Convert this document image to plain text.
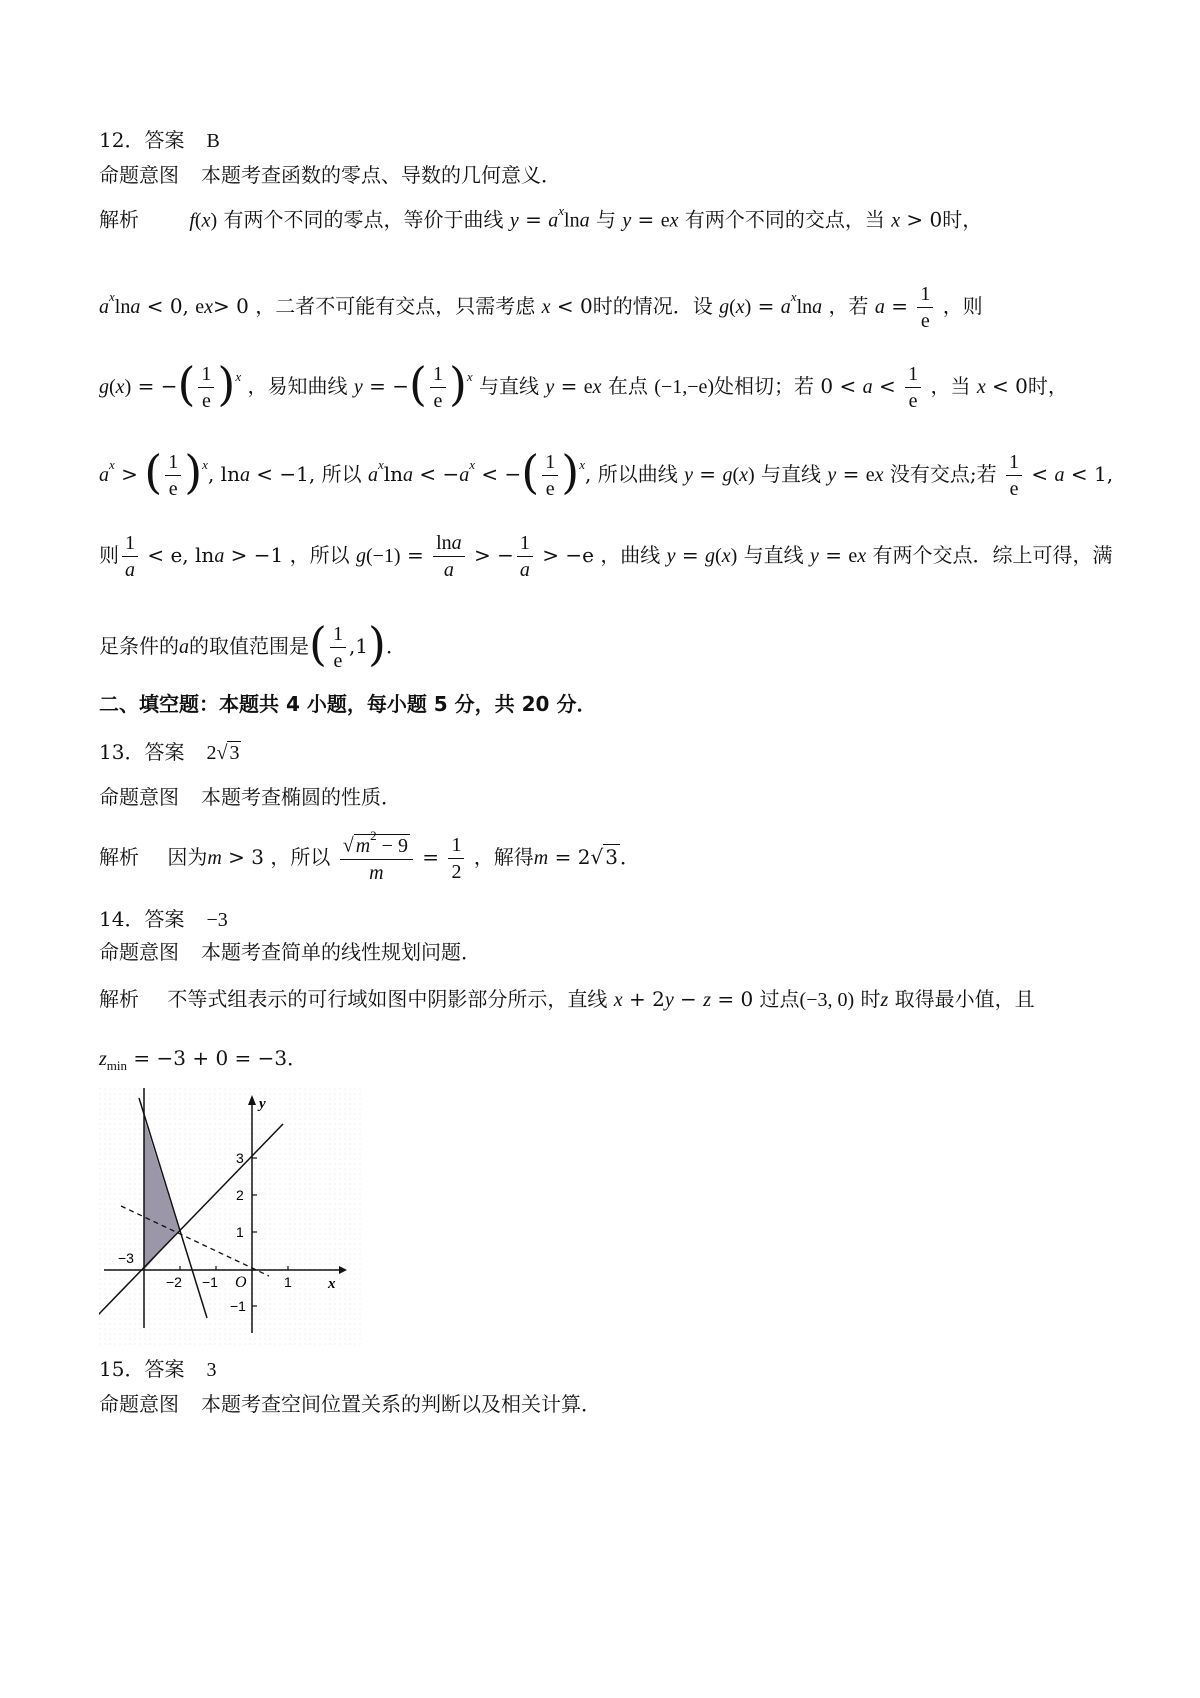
12．答案 B
命题意图 本题考查函数的零点、导数的几何意义．
解析	f(x) 有两个不同的零点，等价于曲线 $y = a^x\ln a$ 与 y = ex 有两个不同的交点，当 x > 0时，
$a^x\ln a < 0$, ex> 0 ，二者不可能有交点，只需考虑 x < 0时的情况．设 $g(x) = a^x\ln a$ ，若 $a = \frac{1}{e}$ ，则
g(x) = −( $\frac{1}{e} )^x$ ，易知曲线 y = −( $\frac{1}{e} )^x$ 与直线 y = ex 在点 (−1,−e)处相切；若 $0 < a < \frac{1}{e}$ ，当 x < 0时，
$a^x$ > ( $\frac{1}{e} )^x$, lna < −1, 所以 $a^x\ln a < -a^x$ < −( $\frac{1}{e} )^x$, 所以曲线 y = g(x) 与直线 y = ex 没有交点;若 $\frac{1}{e} < a < 1$,
则 $\frac{1}{a} < e$, lna > −1 ，所以 $g(-1) = \frac{\ln a}{a}$ > − $\frac{1}{a} > -e$ ，曲线 y = g(x) 与直线 y = ex 有两个交点．综上可得，满
足条件的a的取值范围是( $\frac{1}{e} ,1$)．
二、填空题：本题共 4 小题，每小题 5 分，共 20 分．
13．答案 2√ 3
命题意图 本题考查椭圆的性质．
解析 因为m > 3 ，所以 $\frac{√ m^2 - 9}{m} = \frac{1}{2}$ ，解得m = 2√ 3 ．
14．答案 −3
命题意图 本题考查简单的线性规划问题．
解析 不等式组表示的可行域如图中阴影部分所示，直线 x + 2y − z = 0 过点(−3, 0) 时z 取得最小值，且
$z_{min} = -3 + 0 = -3$．
y
x
O
−3
−2 −1	1
3
2
1
−1
15．答案 3
命题意图 本题考查空间位置关系的判断以及相关计算．
